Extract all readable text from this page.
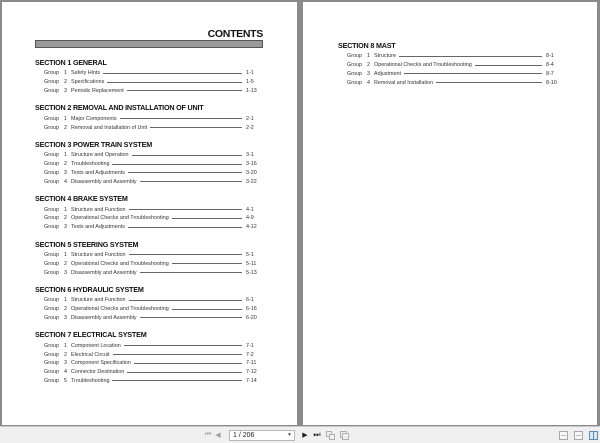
CONTENTS
SECTION 1 GENERAL
Group 1 Safety Hints	1-1
Group 2 Specifications	1-5
Group 3 Periodic Replacement	1-13
SECTION 2 REMOVAL AND INSTALLATION OF UNIT
Group 1 Major Components	2-1
Group 2 Removal and Installation of Unit	2-2
SECTION 3 POWER TRAIN SYSTEM
Group 1 Structure and Operation	3-1
Group 2 Troubleshooting	3-16
Group 3 Tests and Adjustments	3-20
Group 4 Disassembly and Assembly	3-22
SECTION 4 BRAKE SYSTEM
Group 1 Structure and Function	4-1
Group 2 Operational Checks and Troubleshooting	4-9
Group 3 Tests and Adjustments	4-12
SECTION 5 STEERING SYSTEM
Group 1 Structure and Function	5-1
Group 2 Operational Checks and Troubleshooting	5-11
Group 3 Disassembly and Assembly	5-13
SECTION 6 HYDRAULIC SYSTEM
Group 1 Structure and Function	6-1
Group 2 Operational Checks and Troubleshooting	6-16
Group 3 Disassembly and Assembly	6-20
SECTION 7 ELECTRICAL SYSTEM
Group 1 Component Location	7-1
Group 2 Electrical Circuit	7-2
Group 3 Component Specification	7-11
Group 4 Connector Destination	7-12
Group 5 Troubleshooting	7-14
SECTION 8 MAST
Group 1 Structure	8-1
Group 2 Operational Checks and Troubleshooting	8-4
Group 3 Adjustment	8-7
Group 4 Removal and Installation	8-10
⏮ ◀	1 / 206	▼	▶ ⏭
